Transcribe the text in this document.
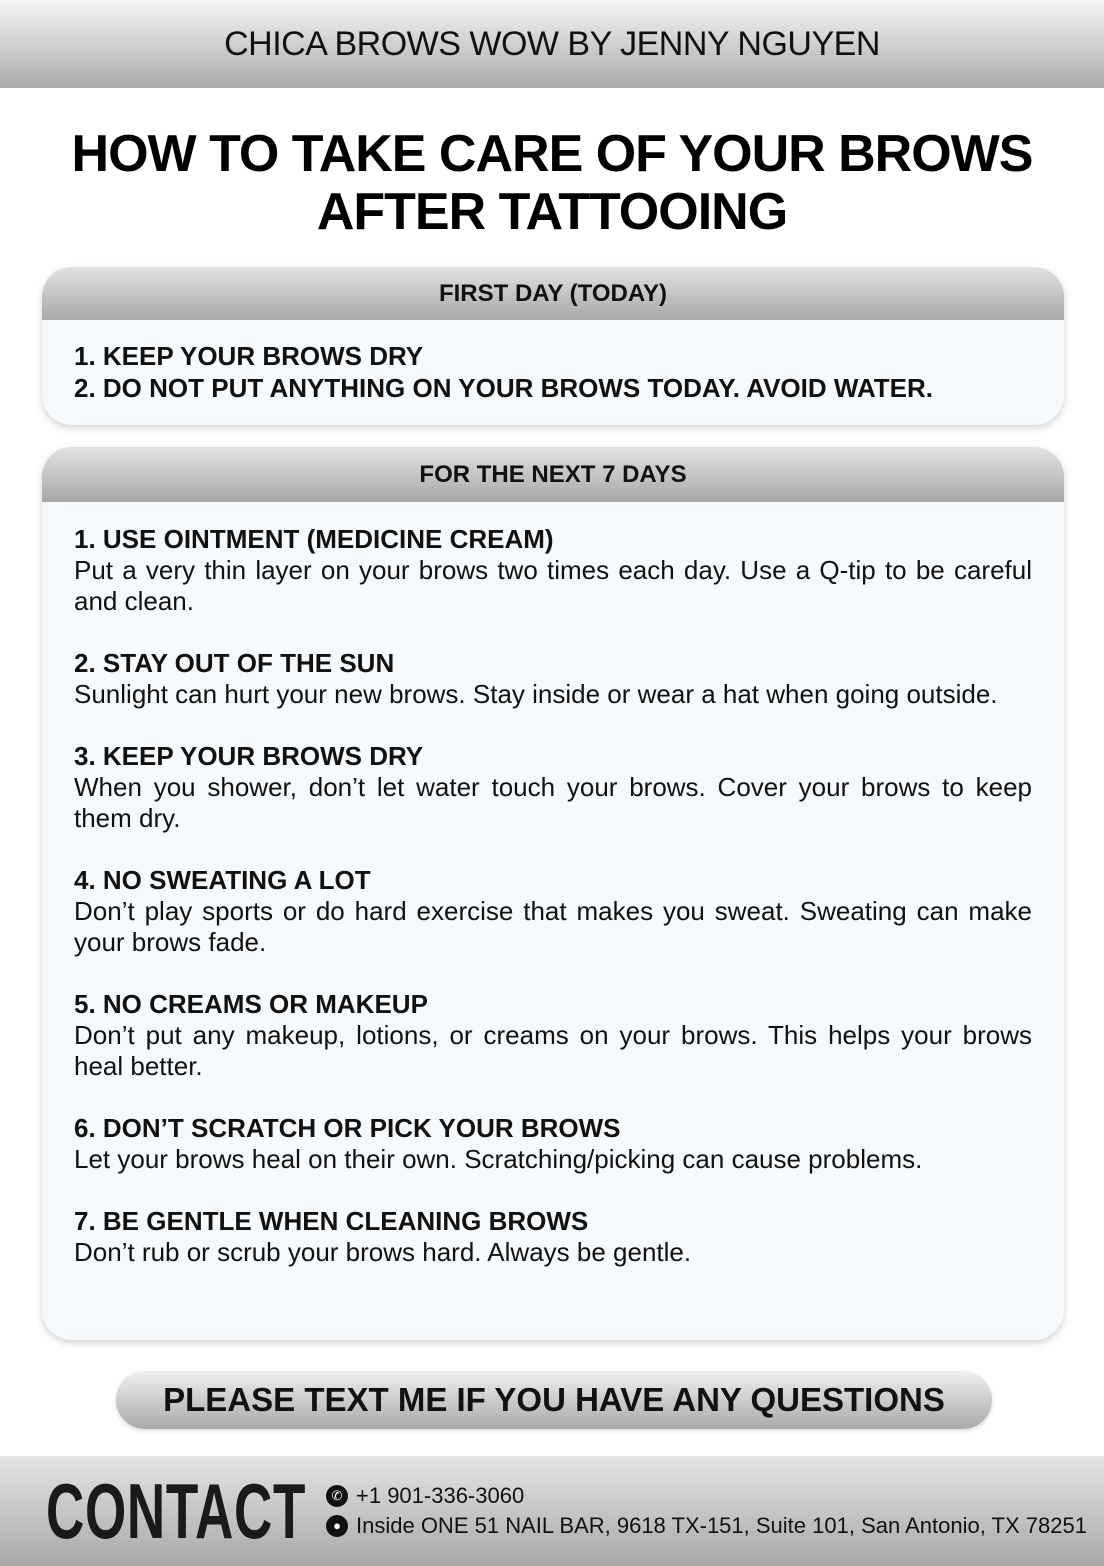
CHICA BROWS WOW BY JENNY NGUYEN
HOW TO TAKE CARE OF YOUR BROWS
AFTER TATTOOING
FIRST DAY (TODAY)
1. KEEP YOUR BROWS DRY
2. DO NOT PUT ANYTHING ON YOUR BROWS TODAY. AVOID WATER.
FOR THE NEXT 7 DAYS
1. USE OINTMENT (MEDICINE CREAM)

Put a very thin layer on your brows two times each day. Use a Q-tip to be careful and clean.

2. STAY OUT OF THE SUN

Sunlight can hurt your new brows. Stay inside or wear a hat when going outside.

3. KEEP YOUR BROWS DRY

When you shower, don’t let water touch your brows. Cover your brows to keep them dry.

4. NO SWEATING A LOT

Don’t play sports or do hard exercise that makes you sweat. Sweating can make your brows fade.

5. NO CREAMS OR MAKEUP

Don’t put any makeup, lotions, or creams on your brows. This helps your brows heal better.

6. DON’T SCRATCH OR PICK YOUR BROWS

Let your brows heal on their own. Scratching/picking can cause problems.

7. BE GENTLE WHEN CLEANING BROWS

Don’t rub or scrub your brows hard. Always be gentle.

PLEASE TEXT ME IF YOU HAVE ANY QUESTIONS
CONTACT	✆ +1 901-336-3060
● Inside ONE 51 NAIL BAR, 9618 TX-151, Suite 101, San Antonio, TX 78251
